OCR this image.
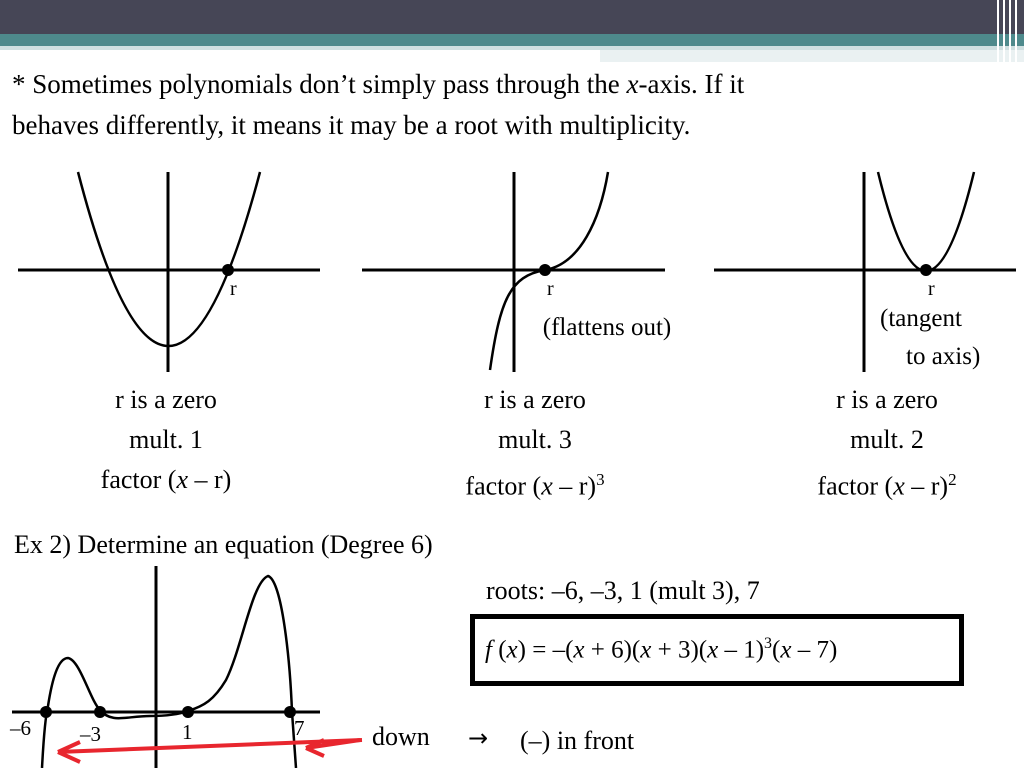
* Sometimes polynomials don’t simply pass through the x-axis. If it
behaves differently, it means it may be a root with multiplicity.

r	r	r
(flattens out)	(tangent
to axis)
r is a zero
mult. 1
factor (x – r)
r is a zero
mult. 3
factor (x – r)$^3$
r is a zero
mult. 2
factor (x – r)$^2$
Ex 2) Determine an equation (Degree 6)
–6 –3	1	7
roots: –6, –3, 1 (mult 3), 7
f (x) = –(x + 6)(x + 3)(x – 1)$^3$(x – 7)
down → (–) in front
